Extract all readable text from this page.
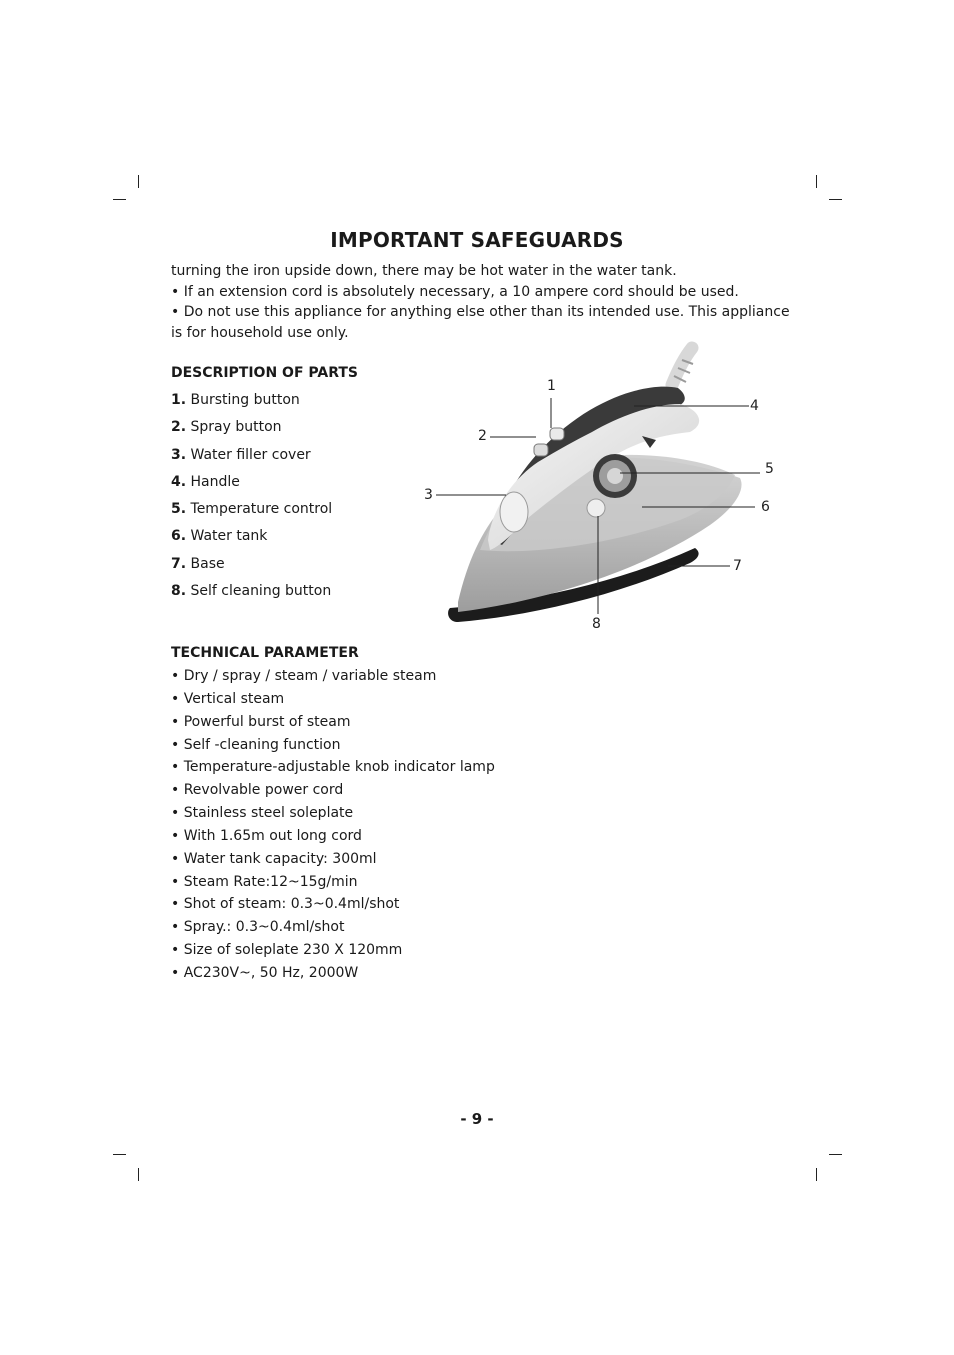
IMPORTANT SAFEGUARDS

turning the iron upside down, there may be hot water in the water tank.

• If an extension cord is absolutely necessary, a 10 ampere cord should be used.

• Do not use this appliance for anything else other than its intended use. This appliance is for household use only.

DESCRIPTION OF PARTS
1. Bursting button
2. Spray button
3. Water filler cover
4. Handle
5. Temperature control
6. Water tank
7. Base
8. Self cleaning button
1
2
3
4
5
6
7
8
TECHNICAL PARAMETER
• Dry / spray / steam / variable steam
• Vertical steam
• Powerful burst of steam
• Self -cleaning function
• Temperature-adjustable knob indicator lamp
• Revolvable power cord
• Stainless steel soleplate
• With 1.65m out long cord
• Water tank capacity: 300ml
• Steam Rate:12~15g/min
• Shot of steam: 0.3~0.4ml/shot
• Spray.: 0.3~0.4ml/shot
• Size of soleplate 230 X 120mm
• AC230V~, 50 Hz, 2000W
- 9 -
